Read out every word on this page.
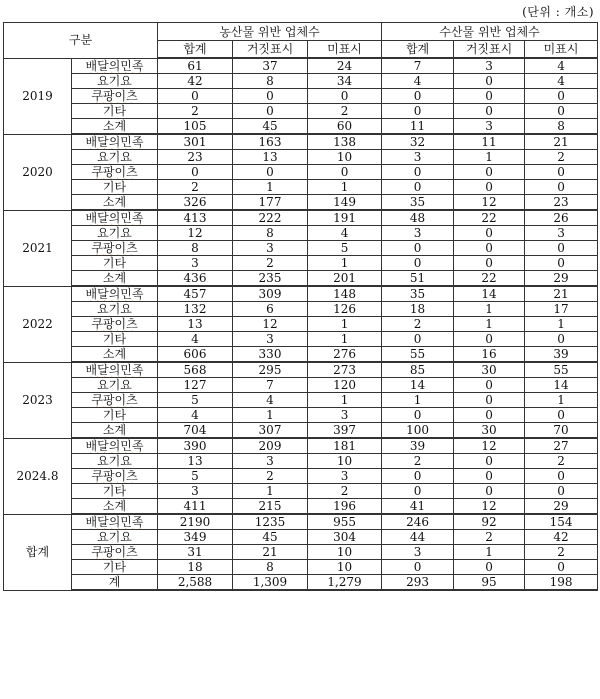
(단위 : 개소)
구분		농산물 위반 업체수			수산물 위반 업체수		
		합계	거짓표시	미표시	합계	거짓표시	미표시
2019	배달의민족	61	37	24	7	3	4
	요기요	42	8	34	4	0	4
	쿠팡이츠	0	0	0	0	0	0
	기타	2	0	2	0	0	0
	소계	105	45	60	11	3	8
2020	배달의민족	301	163	138	32	11	21
	요기요	23	13	10	3	1	2
	쿠팡이츠	0	0	0	0	0	0
	기타	2	1	1	0	0	0
	소계	326	177	149	35	12	23
2021	배달의민족	413	222	191	48	22	26
	요기요	12	8	4	3	0	3
	쿠팡이츠	8	3	5	0	0	0
	기타	3	2	1	0	0	0
	소계	436	235	201	51	22	29
2022	배달의민족	457	309	148	35	14	21
	요기요	132	6	126	18	1	17
	쿠팡이츠	13	12	1	2	1	1
	기타	4	3	1	0	0	0
	소계	606	330	276	55	16	39
2023	배달의민족	568	295	273	85	30	55
	요기요	127	7	120	14	0	14
	쿠팡이츠	5	4	1	1	0	1
	기타	4	1	3	0	0	0
	소계	704	307	397	100	30	70
2024.8	배달의민족	390	209	181	39	12	27
	요기요	13	3	10	2	0	2
	쿠팡이츠	5	2	3	0	0	0
	기타	3	1	2	0	0	0
	소계	411	215	196	41	12	29
합계	배달의민족	2190	1235	955	246	92	154
	요기요	349	45	304	44	2	42
	쿠팡이츠	31	21	10	3	1	2
	기타	18	8	10	0	0	0
	계	2,588	1,309	1,279	293	95	198
